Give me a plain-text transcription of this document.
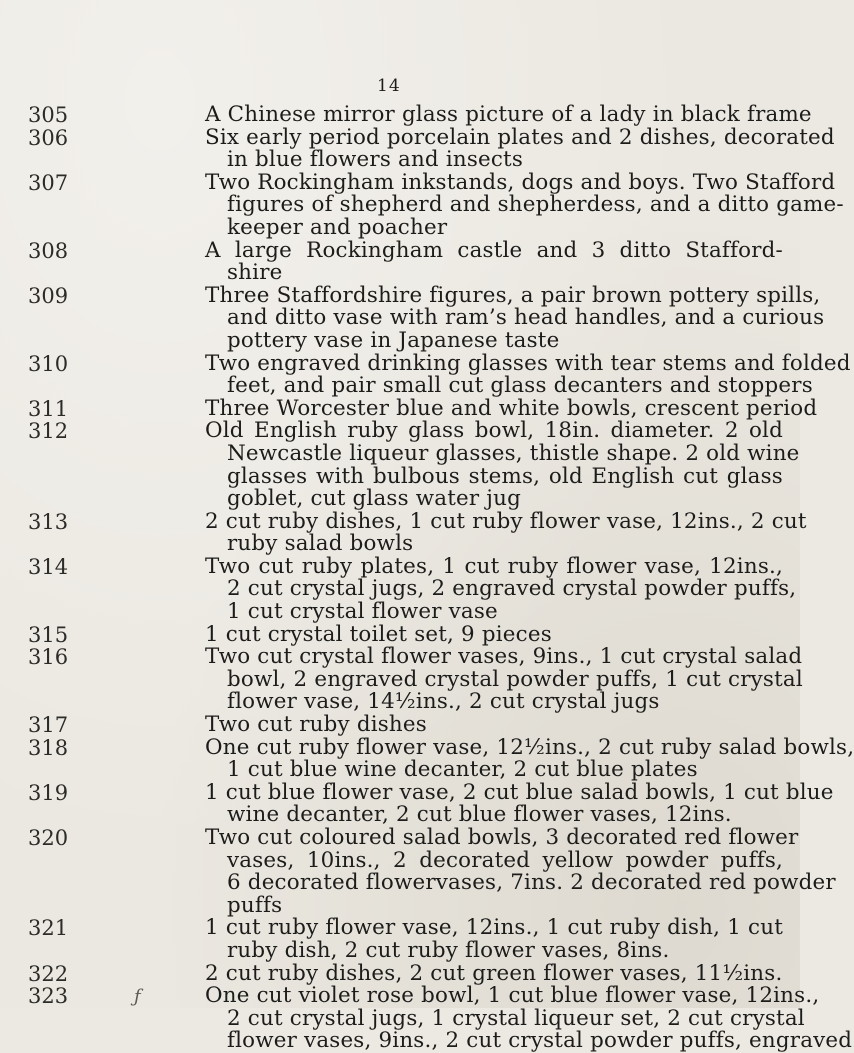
14
305	A Chinese mirror glass picture of a lady in black frame
306	Six early period porcelain plates and 2 dishes, decorated
in blue flowers and insects
307	Two Rockingham inkstands, dogs and boys. Two Stafford
figures of shepherd and shepherdess, and a ditto game-
keeper and poacher
308	A large Rockingham castle and 3 ditto Stafford-
shire
309	Three Staffordshire figures, a pair brown pottery spills,
and ditto vase with ram’s head handles, and a curious
pottery vase in Japanese taste
310	Two engraved drinking glasses with tear stems and folded
feet, and pair small cut glass decanters and stoppers
311	Three Worcester blue and white bowls, crescent period
312	Old English ruby glass bowl, 18in. diameter. 2 old
Newcastle liqueur glasses, thistle shape. 2 old wine
glasses with bulbous stems, old English cut glass
goblet, cut glass water jug
313	2 cut ruby dishes, 1 cut ruby flower vase, 12ins., 2 cut
ruby salad bowls
314	Two cut ruby plates, 1 cut ruby flower vase, 12ins.,
2 cut crystal jugs, 2 engraved crystal powder puffs,
1 cut crystal flower vase
315	1 cut crystal toilet set, 9 pieces
316	Two cut crystal flower vases, 9ins., 1 cut crystal salad
bowl, 2 engraved crystal powder puffs, 1 cut crystal
flower vase, 14½ins., 2 cut crystal jugs
317	Two cut ruby dishes
318	One cut ruby flower vase, 12½ins., 2 cut ruby salad bowls,
1 cut blue wine decanter, 2 cut blue plates
319	1 cut blue flower vase, 2 cut blue salad bowls, 1 cut blue
wine decanter, 2 cut blue flower vases, 12ins.
320	Two cut coloured salad bowls, 3 decorated red flower
vases, 10ins., 2 decorated yellow powder puffs,
6 decorated flowervases, 7ins. 2 decorated red powder
puffs
321	1 cut ruby flower vase, 12ins., 1 cut ruby dish, 1 cut
ruby dish, 2 cut ruby flower vases, 8ins.
322	2 cut ruby dishes, 2 cut green flower vases, 11½ins.
323	One cut violet rose bowl, 1 cut blue flower vase, 12ins.,
2 cut crystal jugs, 1 crystal liqueur set, 2 cut crystal
flower vases, 9ins., 2 cut crystal powder puffs, engraved
ƒ
